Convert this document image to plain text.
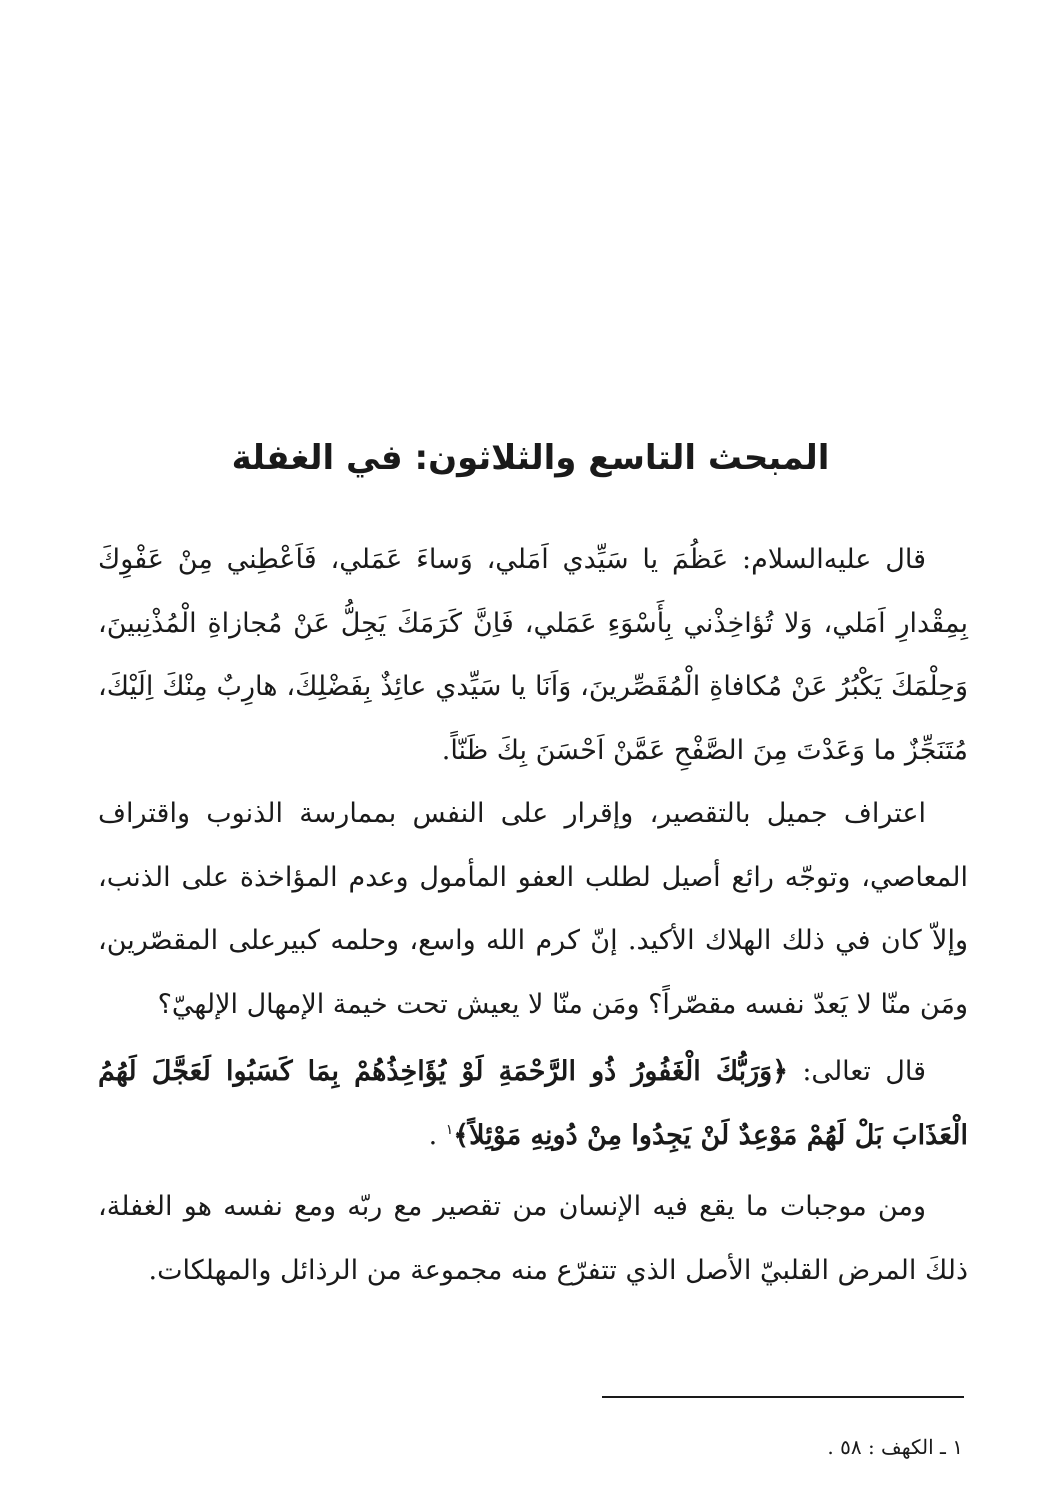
المبحث التاسع والثلاثون: في الغفلة

قال عليه‌السلام: عَظُمَ يا سَيِّدي اَمَلي، وَساءَ عَمَلي، فَاَعْطِني مِنْ عَفْوِكَ بِمِقْدارِ اَمَلي، وَلا تُؤاخِذْني بِأَسْوَءِ عَمَلي، فَاِنَّ كَرَمَكَ يَجِلُّ عَنْ مُجازاةِ الْمُذْنِبينَ، وَحِلْمَكَ يَكْبُرُ عَنْ مُكافاةِ الْمُقَصِّرينَ، وَاَنَا يا سَيِّدي عائِذٌ بِفَضْلِكَ، هارِبٌ مِنْكَ اِلَيْكَ، مُتَنَجِّزٌ ما وَعَدْتَ مِنَ الصَّفْحِ عَمَّنْ اَحْسَنَ بِكَ ظَنّاً.

اعتراف جميل بالتقصير، وإقرار على النفس بممارسة الذنوب واقتراف المعاصي، وتوجّه رائع أصيل لطلب العفو المأمول وعدم المؤاخذة على الذنب، وإلاّ كان في ذلك الهلاك الأكيد. إنّ كرم الله واسع، وحلمه كبيرعلى المقصّرين، ومَن منّا لا يَعدّ نفسه مقصّراً؟ ومَن منّا لا يعيش تحت خيمة الإمهال الإلهيّ؟

قال تعالى: ﴿وَرَبُّكَ الْغَفُورُ ذُو الرَّحْمَةِ لَوْ يُؤَاخِذُهُمْ بِمَا كَسَبُوا لَعَجَّلَ لَهُمُ الْعَذَابَ بَلْ لَهُمْ مَوْعِدٌ لَنْ يَجِدُوا مِنْ دُونِهِ مَوْئِلاً﴾$^١$ .

ومن موجبات ما يقع فيه الإنسان من تقصير مع ربّه ومع نفسه هو الغفلة، ذلكَ المرض القلبيّ الأصل الذي تتفرّع منه مجموعة من الرذائل والمهلكات.

١ ـ الكهف : ٥٨ .
